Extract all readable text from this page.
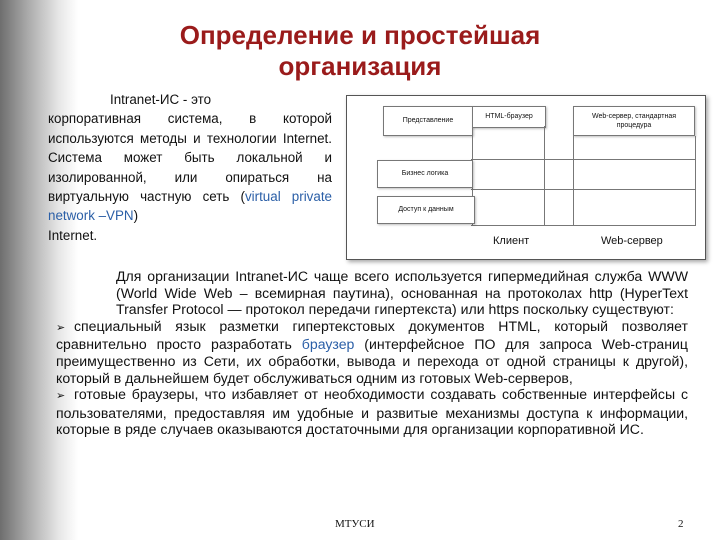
Определение и простейшая организация
Intranet-ИС - это
корпоративная система, в которой используются методы и технологии Internet. Система может быть локальной и изолированной, или опираться на виртуальную частную сеть (virtual private network –VPN)
Internet.
Представление
HTML-браузер	Web-сервер, стандартная процедура
Бизнес логика
Доступ к данным
Клиент	Web-сервер

Для организации Intranet-ИС чаще всего используется гипермедийная служба WWW (World Wide Web – всемирная паутина), основанная на протоколах http (HyperText Transfer Protocol — протокол передачи гипертекста) или https поскольку существуют:

➢ специальный язык разметки гипертекстовых документов HTML, который позволяет сравнительно просто разработать браузер (интерфейсное ПО для запроса Web-страниц преимущественно из Сети, их обработки, вывода и перехода от одной страницы к другой), который в дальнейшем будет обслуживаться одним из готовых Web-серверов,

➢ готовые браузеры, что избавляет от необходимости создавать собственные интерфейсы с пользователями, предоставляя им удобные и развитые механизмы доступа к информации, которые в ряде случаев оказываются достаточными для организации корпоративной ИС.

МТУСИ	2
